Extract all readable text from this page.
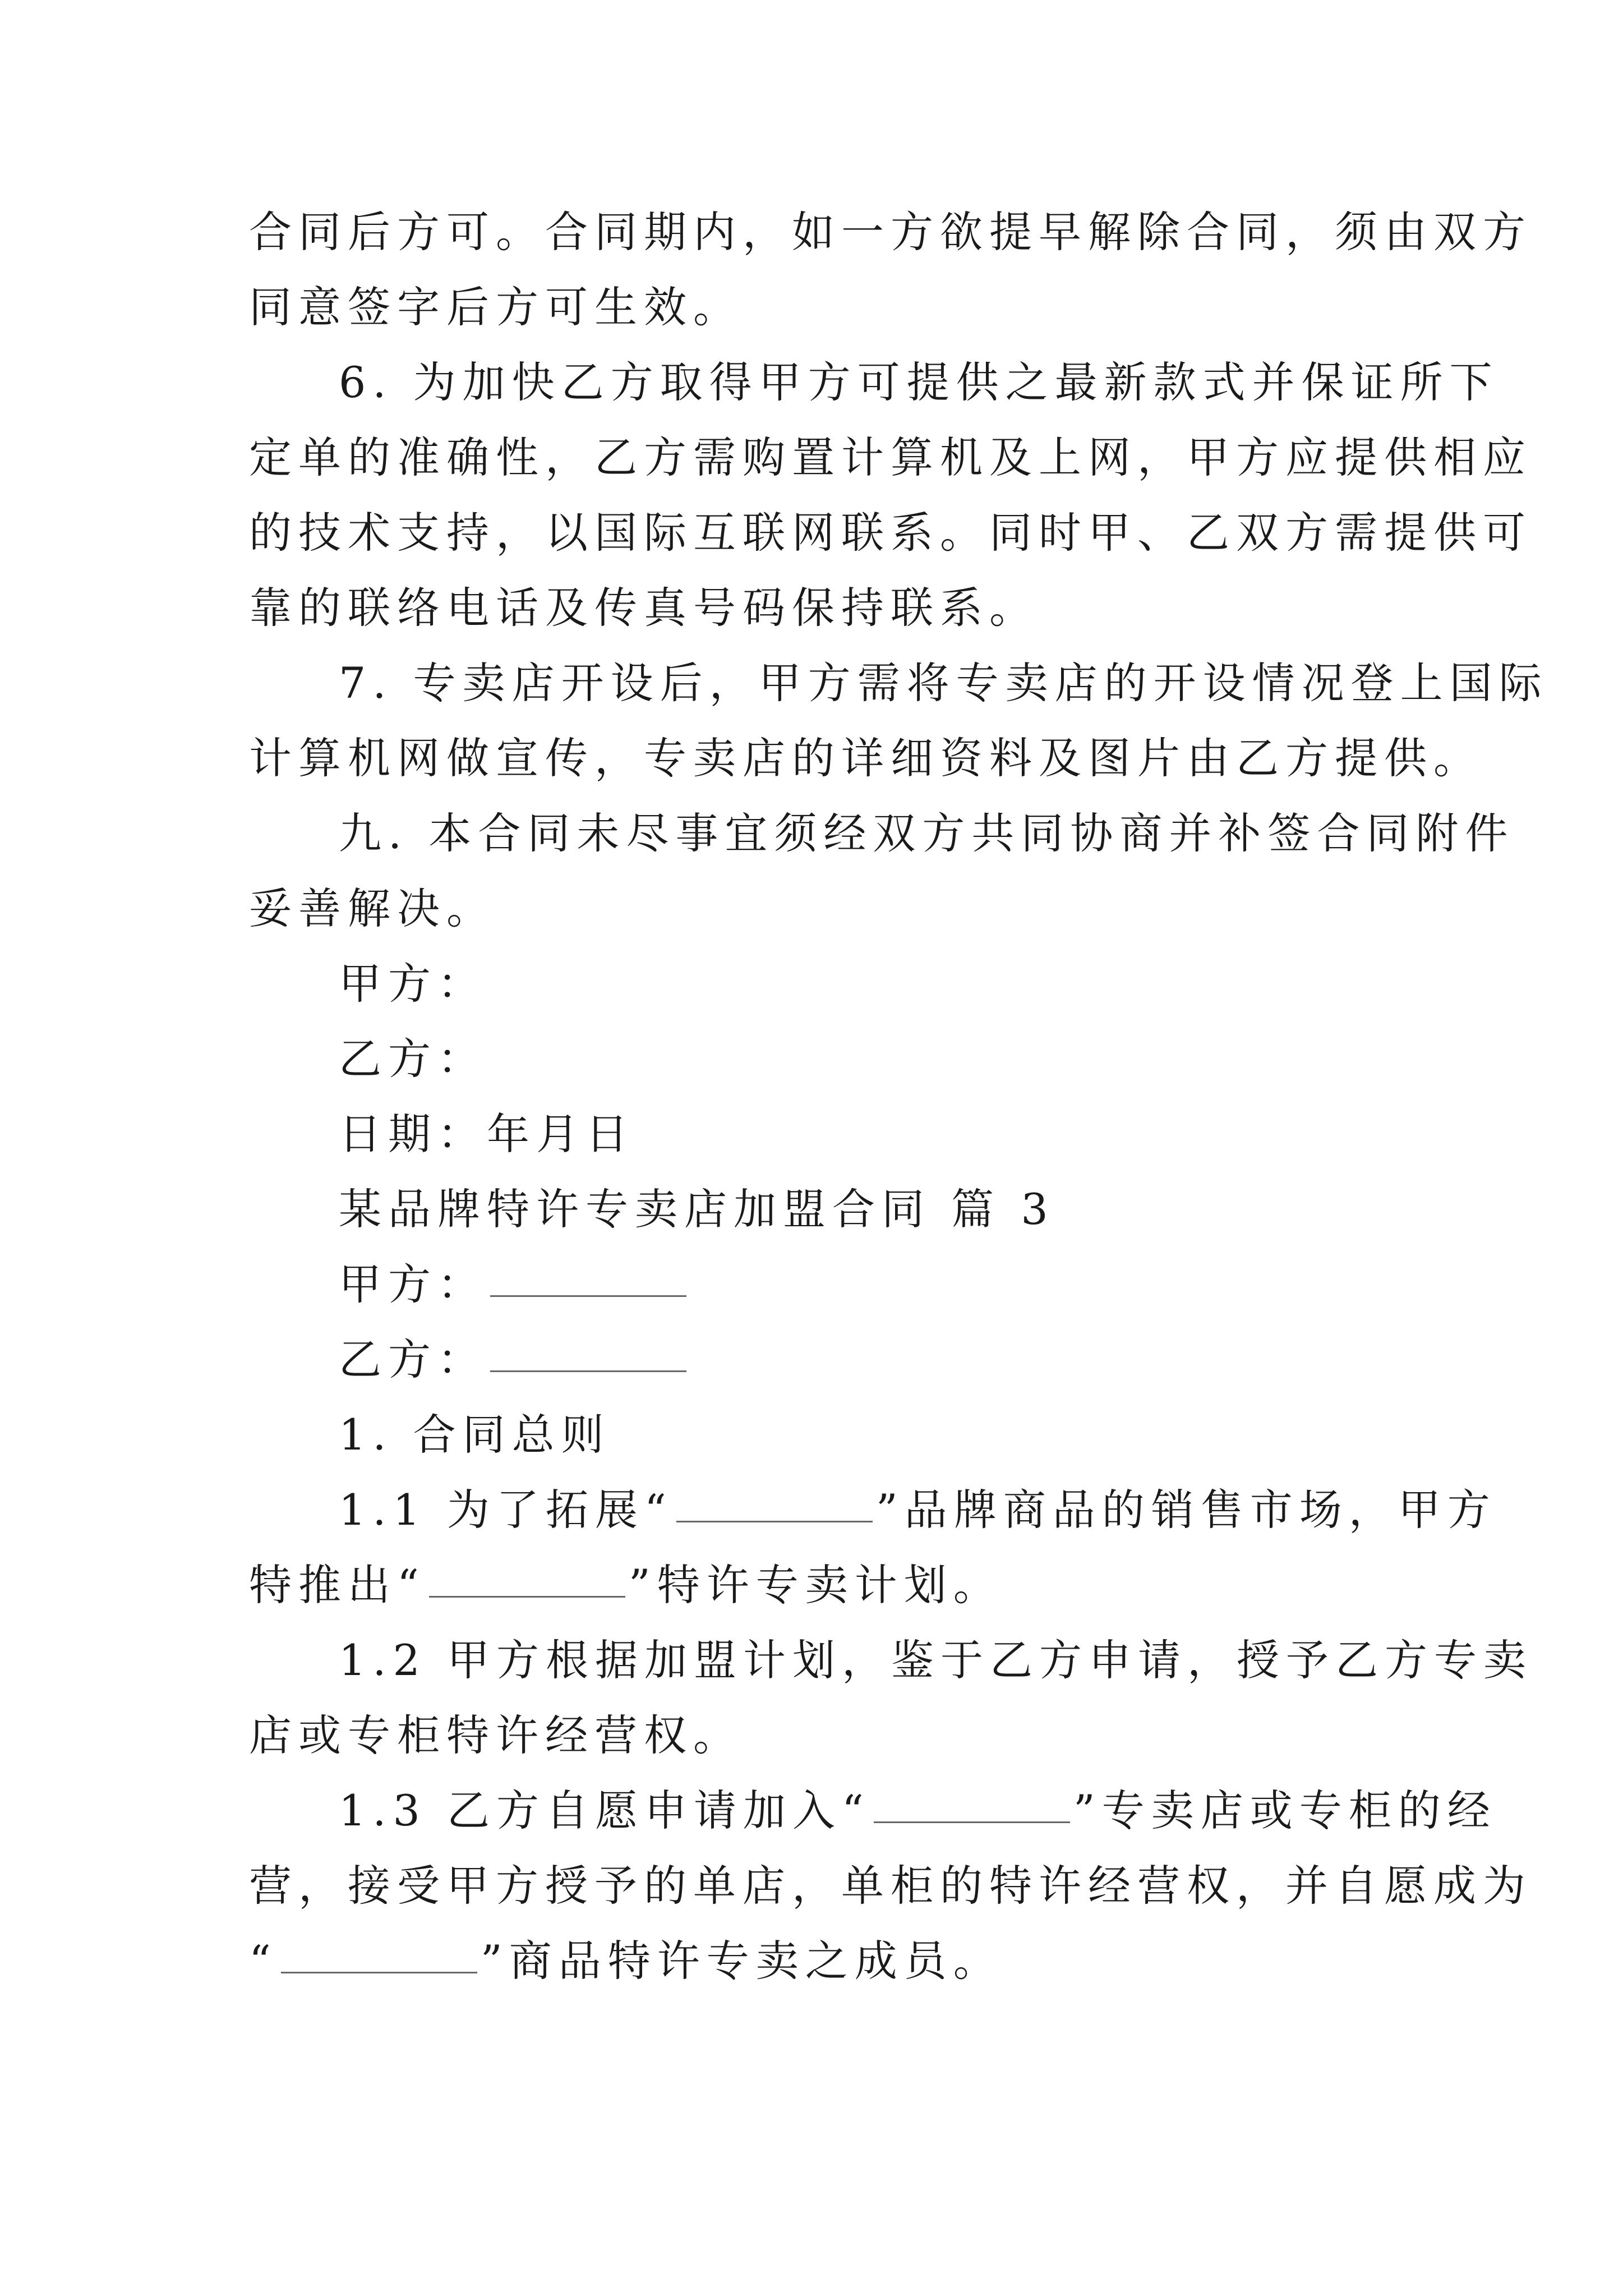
合同后方可。合同期内，如一方欲提早解除合同，须由双方
同意签字后方可生效。
6. 为加快乙方取得甲方可提供之最新款式并保证所下
定单的准确性，乙方需购置计算机及上网，甲方应提供相应
的技术支持，以国际互联网联系。同时甲、乙双方需提供可
靠的联络电话及传真号码保持联系。
7. 专卖店开设后，甲方需将专卖店的开设情况登上国际
计算机网做宣传，专卖店的详细资料及图片由乙方提供。
九. 本合同未尽事宜须经双方共同协商并补签合同附件
妥善解决。
甲方：
乙方：
日期：年月日
某品牌特许专卖店加盟合同 篇 3
甲方：
乙方：
1. 合同总则
1.1 为了拓展“	”品牌商品的销售市场，甲方
特推出“	”特许专卖计划。
1.2 甲方根据加盟计划，鉴于乙方申请，授予乙方专卖
店或专柜特许经营权。
1.3 乙方自愿申请加入“	”专卖店或专柜的经
营，接受甲方授予的单店，单柜的特许经营权，并自愿成为
“	”商品特许专卖之成员。
